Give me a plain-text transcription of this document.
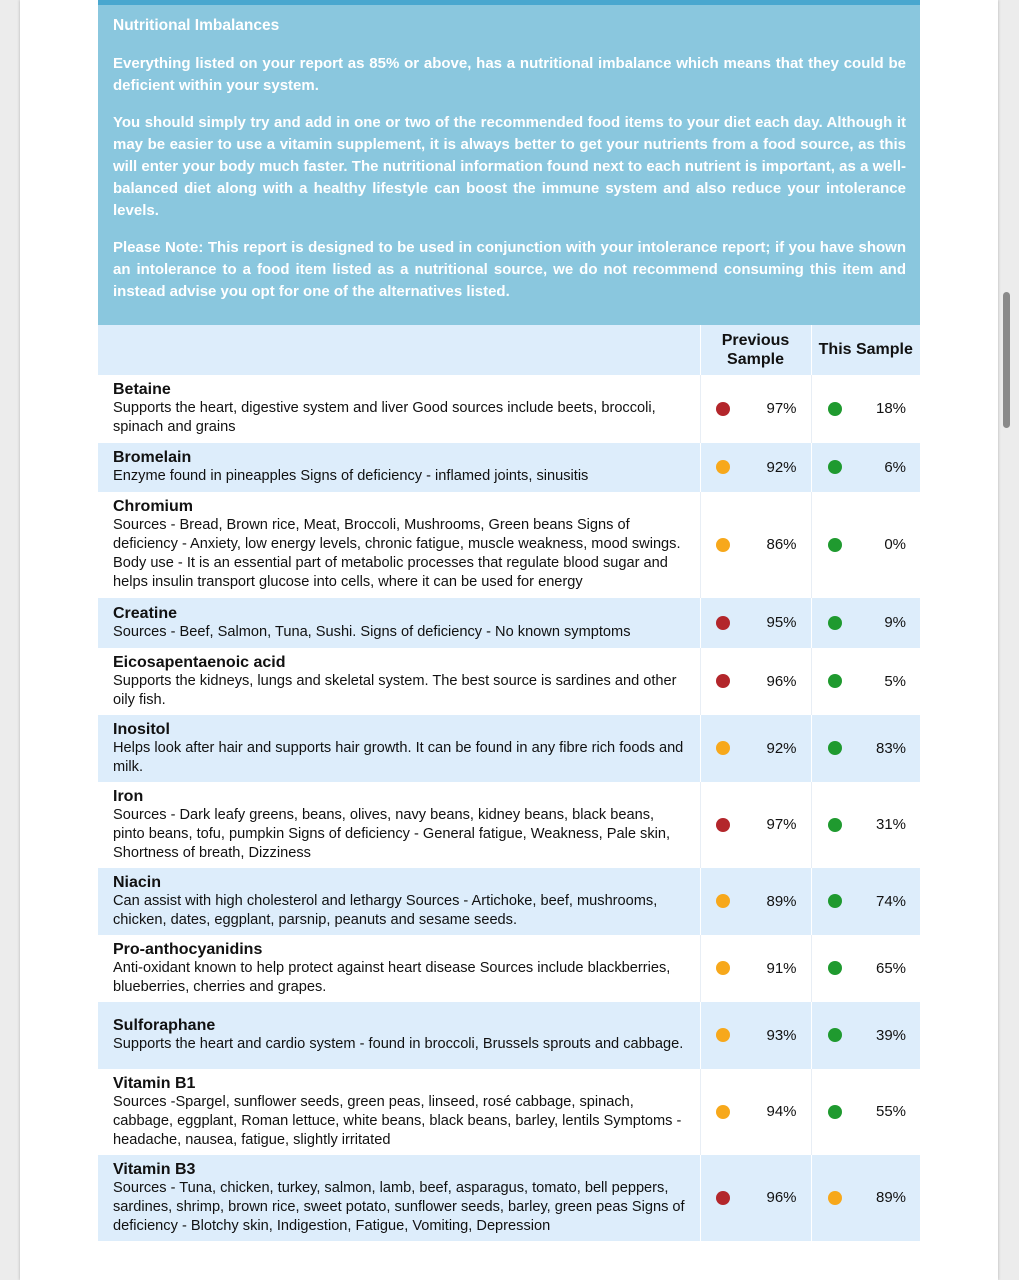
Nutritional Imbalances

Everything listed on your report as 85% or above, has a nutritional imbalance which means that they could be deficient within your system.

You should simply try and add in one or two of the recommended food items to your diet each day. Although it may be easier to use a vitamin supplement, it is always better to get your nutrients from a food source, as this will enter your body much faster. The nutritional information found next to each nutrient is important, as a well-balanced diet along with a healthy lifestyle can boost the immune system and also reduce your intolerance levels.

Please Note: This report is designed to be used in conjunction with your intolerance report; if you have shown an intolerance to a food item listed as a nutritional source, we do not recommend consuming this item and instead advise you opt for one of the alternatives listed.

	Previous Sample		This Sample	

Betaine
Supports the heart, digestive system and liver Good sources include beets, broccoli, spinach and grains		97%		18%

Bromelain
Enzyme found in pineapples Signs of deficiency - inflamed joints, sinusitis		92%		6%

Chromium
Sources - Bread, Brown rice, Meat, Broccoli, Mushrooms, Green beans Signs of deficiency - Anxiety, low energy levels, chronic fatigue, muscle weakness, mood swings. Body use - It is an essential part of metabolic processes that regulate blood sugar and helps insulin transport glucose into cells, where it can be used for energy		86%		0%

Creatine
Sources - Beef, Salmon, Tuna, Sushi. Signs of deficiency - No known symptoms		95%		9%

Eicosapentaenoic acid
Supports the kidneys, lungs and skeletal system. The best source is sardines and other oily fish.		96%		5%

Inositol
Helps look after hair and supports hair growth. It can be found in any fibre rich foods and milk.		92%		83%

Iron
Sources - Dark leafy greens, beans, olives, navy beans, kidney beans, black beans, pinto beans, tofu, pumpkin Signs of deficiency - General fatigue, Weakness, Pale skin, Shortness of breath, Dizziness		97%		31%

Niacin
Can assist with high cholesterol and lethargy Sources - Artichoke, beef, mushrooms, chicken, dates, eggplant, parsnip, peanuts and sesame seeds.		89%		74%

Pro-anthocyanidins
Anti-oxidant known to help protect against heart disease Sources include blackberries, blueberries, cherries and grapes.		91%		65%

Sulforaphane
Supports the heart and cardio system - found in broccoli, Brussels sprouts and cabbage.		93%		39%

Vitamin B1
Sources -Spargel, sunflower seeds, green peas, linseed, rosé cabbage, spinach, cabbage, eggplant, Roman lettuce, white beans, black beans, barley, lentils Symptoms - headache, nausea, fatigue, slightly irritated		94%		55%

Vitamin B3
Sources - Tuna, chicken, turkey, salmon, lamb, beef, asparagus, tomato, bell peppers, sardines, shrimp, brown rice, sweet potato, sunflower seeds, barley, green peas Signs of deficiency - Blotchy skin, Indigestion, Fatigue, Vomiting, Depression		96%		89%
